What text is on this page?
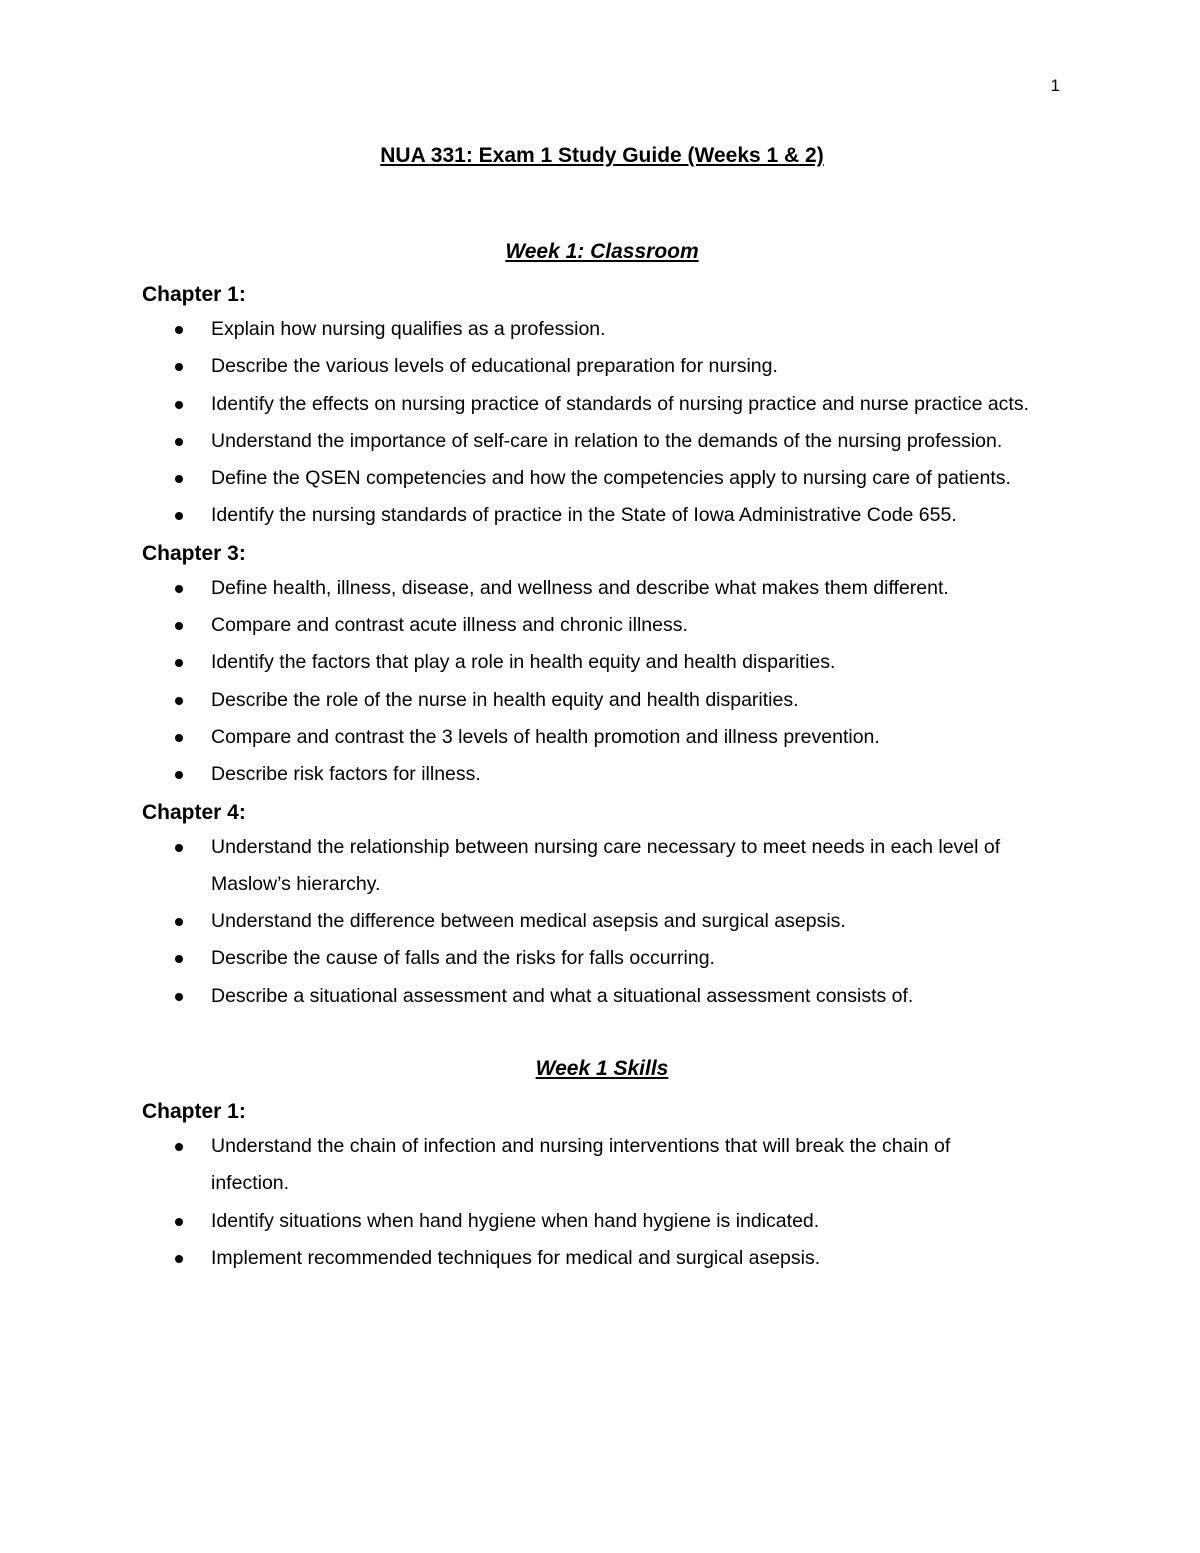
1
NUA 331: Exam 1 Study Guide (Weeks 1 & 2)
Week 1: Classroom
Chapter 1:
Explain how nursing qualifies as a profession.
Describe the various levels of educational preparation for nursing.
Identify the effects on nursing practice of standards of nursing practice and nurse practice acts.
Understand the importance of self-care in relation to the demands of the nursing profession.
Define the QSEN competencies and how the competencies apply to nursing care of patients.
Identify the nursing standards of practice in the State of Iowa Administrative Code 655.
Chapter 3:
Define health, illness, disease, and wellness and describe what makes them different.
Compare and contrast acute illness and chronic illness.
Identify the factors that play a role in health equity and health disparities.
Describe the role of the nurse in health equity and health disparities.
Compare and contrast the 3 levels of health promotion and illness prevention.
Describe risk factors for illness.
Chapter 4:
Understand the relationship between nursing care necessary to meet needs in each level of Maslow’s hierarchy.
Understand the difference between medical asepsis and surgical asepsis.
Describe the cause of falls and the risks for falls occurring.
Describe a situational assessment and what a situational assessment consists of.
Week 1 Skills
Chapter 1:
Understand the chain of infection and nursing interventions that will break the chain of infection.
Identify situations when hand hygiene when hand hygiene is indicated.
Implement recommended techniques for medical and surgical asepsis.
